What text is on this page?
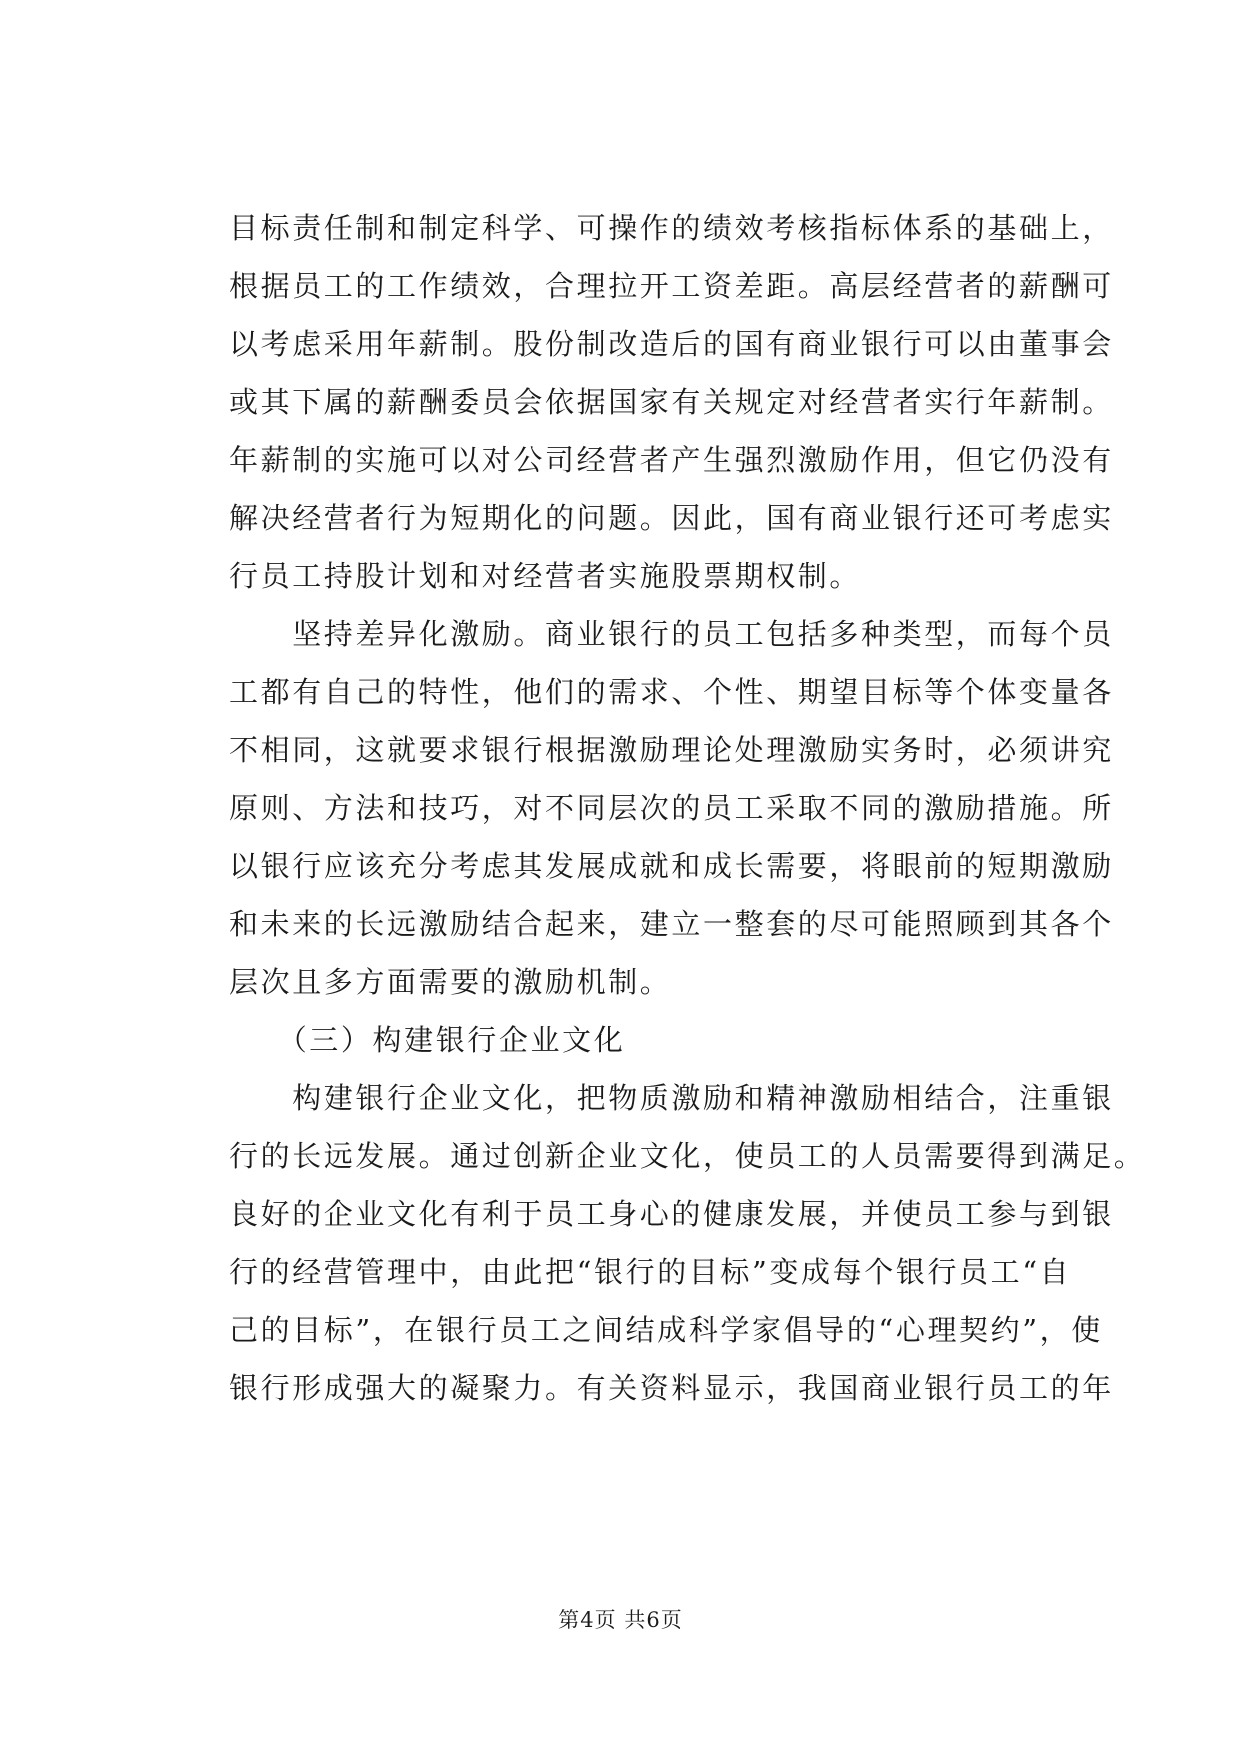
目标责任制和制定科学、可操作的绩效考核指标体系的基础上，
根据员工的工作绩效，合理拉开工资差距。高层经营者的薪酬可
以考虑采用年薪制。股份制改造后的国有商业银行可以由董事会
或其下属的薪酬委员会依据国家有关规定对经营者实行年薪制。
年薪制的实施可以对公司经营者产生强烈激励作用，但它仍没有
解决经营者行为短期化的问题。因此，国有商业银行还可考虑实
行员工持股计划和对经营者实施股票期权制。
　　坚持差异化激励。商业银行的员工包括多种类型，而每个员
工都有自己的特性，他们的需求、个性、期望目标等个体变量各
不相同，这就要求银行根据激励理论处理激励实务时，必须讲究
原则、方法和技巧，对不同层次的员工采取不同的激励措施。所
以银行应该充分考虑其发展成就和成长需要，将眼前的短期激励
和未来的长远激励结合起来，建立一整套的尽可能照顾到其各个
层次且多方面需要的激励机制。
　　（三）构建银行企业文化
　　构建银行企业文化，把物质激励和精神激励相结合，注重银
行的长远发展。通过创新企业文化，使员工的人员需要得到满足。
良好的企业文化有利于员工身心的健康发展，并使员工参与到银
行的经营管理中，由此把“银行的目标”变成每个银行员工“自
己的目标”，在银行员工之间结成科学家倡导的“心理契约”，使
银行形成强大的凝聚力。有关资料显示，我国商业银行员工的年
第4页 共6页
